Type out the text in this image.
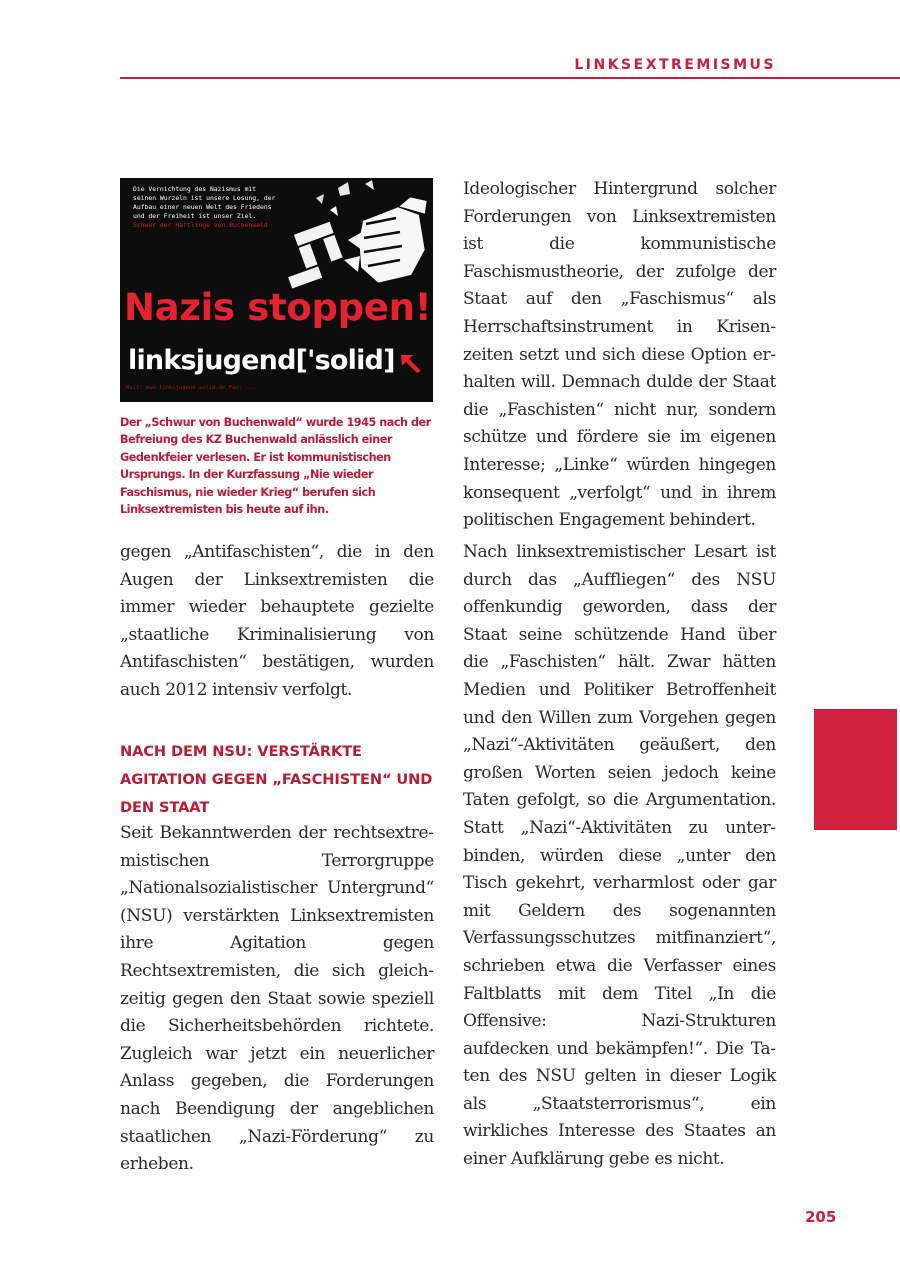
LINKSEXTREMISMUS
Die Vernichtung des Nazismus mit seinen Wurzeln ist unsere Losung, der Aufbau einer neuen Welt des Friedens und der Freiheit ist unser Ziel. Schwur der Häftlinge von Buchenwald
Nazis stoppen!
linksjugend['solid]
Mail: www.linksjugend-solid.de Fax: ...
Der „Schwur von Buchenwald“ wurde 1945 nach der Befreiung des KZ Buchenwald anlässlich einer Gedenkfeier verlesen. Er ist kommunistischen Ursprungs. In der Kurzfassung „Nie wieder Faschismus, nie wieder Krieg“ berufen sich Linksextremisten bis heute auf ihn.

gegen „Antifaschisten“, die in den Augen der Linksextremisten die immer wieder behauptete gezielte „staatliche Kriminalisierung von Antifaschisten“ bestätigen, wurden auch 2012 intensiv verfolgt.

NACH DEM NSU: VERSTÄRKTE AGITATION GEGEN „FASCHISTEN“ UND DEN STAAT

Seit Bekanntwerden der rechtsextremistischen Terrorgruppe „Nationalsozialistischer Untergrund“ (NSU) verstärkten Linksextremisten ihre Agitation gegen Rechtsextremisten, die sich gleichzeitig gegen den Staat sowie speziell die Sicherheitsbehörden richtete. Zugleich war jetzt ein neuerlicher Anlass gegeben, die Forderungen nach Beendigung der angeblichen staatlichen „Nazi-Förderung“ zu erheben.

Ideologischer Hintergrund solcher Forderungen von Linksextremisten ist die kommunistische Faschismustheorie, der zufolge der Staat auf den „Faschismus“ als Herrschaftsinstrument in Krisenzeiten setzt und sich diese Option erhalten will. Demnach dulde der Staat die „Faschisten“ nicht nur, sondern schütze und fördere sie im eigenen Interesse; „Linke“ würden hingegen konsequent „verfolgt“ und in ihrem politischen Engagement behindert.

Nach linksextremistischer Lesart ist durch das „Auffliegen“ des NSU offenkundig geworden, dass der Staat seine schützende Hand über die „Faschisten“ hält. Zwar hätten Medien und Politiker Betroffenheit und den Willen zum Vorgehen gegen „Nazi“-Aktivitäten geäußert, den großen Worten seien jedoch keine Taten gefolgt, so die Argumentation. Statt „Nazi“-Aktivitäten zu unterbinden, würden diese „unter den Tisch gekehrt, verharmlost oder gar mit Geldern des sogenannten Verfassungsschutzes mitfinanziert“, schrieben etwa die Verfasser eines Faltblatts mit dem Titel „In die Offensive: Nazi-Strukturen aufdecken und bekämpfen!“. Die Taten des NSU gelten in dieser Logik als „Staatsterrorismus“, ein wirkliches Interesse des Staates an einer Aufklärung gebe es nicht.

205
